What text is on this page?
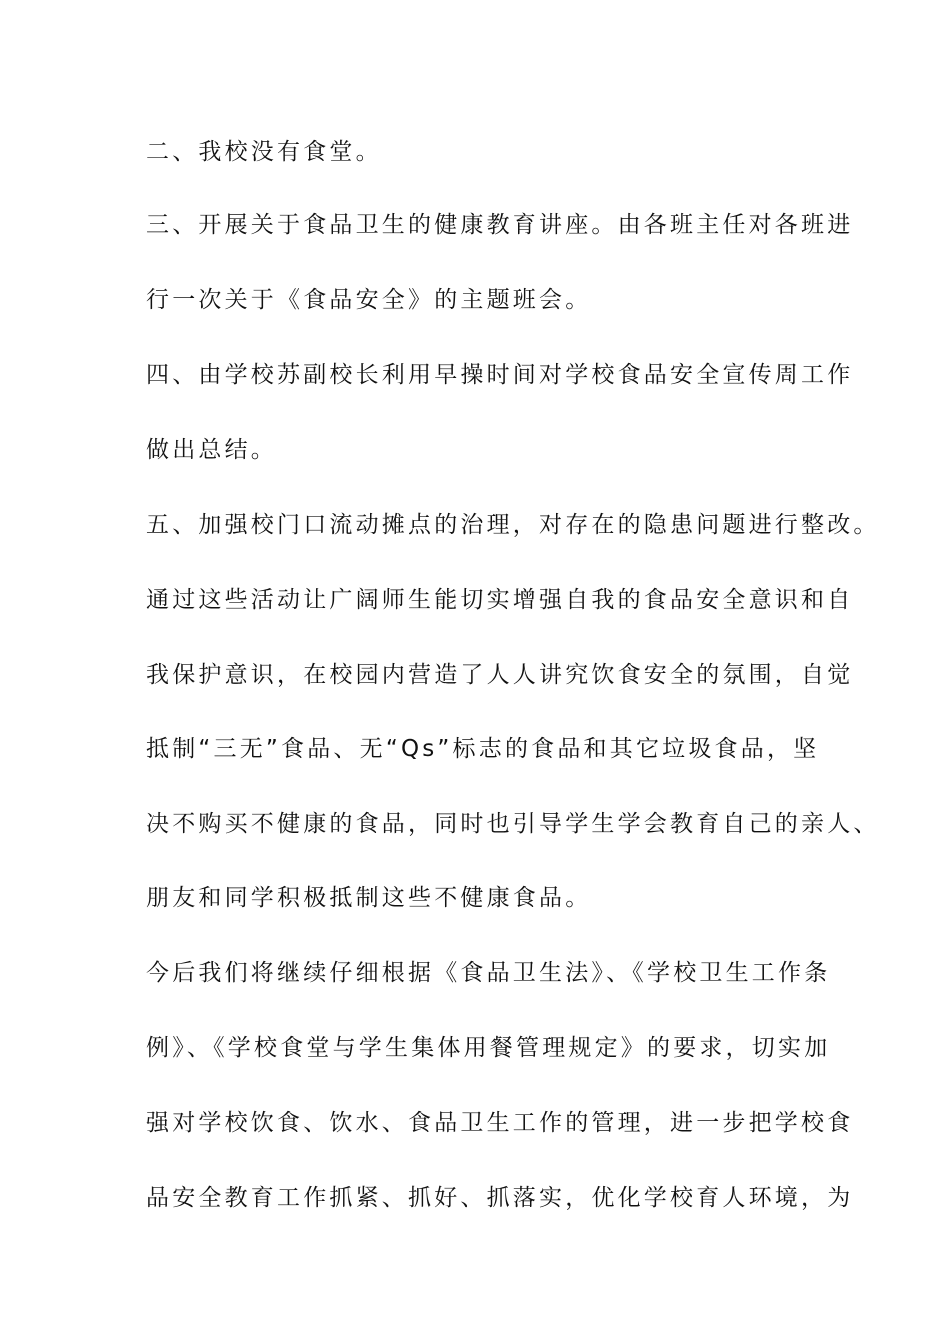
二、我校没有食堂。
三、开展关于食品卫生的健康教育讲座。由各班主任对各班进
行一次关于《食品安全》的主题班会。
四、由学校苏副校长利用早操时间对学校食品安全宣传周工作
做出总结。
五、加强校门口流动摊点的治理，对存在的隐患问题进行整改。
通过这些活动让广阔师生能切实增强自我的食品安全意识和自
我保护意识，在校园内营造了人人讲究饮食安全的氛围，自觉
抵制“三无”食品、无“Qs”标志的食品和其它垃圾食品，坚
决不购买不健康的食品，同时也引导学生学会教育自己的亲人、
朋友和同学积极抵制这些不健康食品。
今后我们将继续仔细根据《食品卫生法》、《学校卫生工作条
例》、《学校食堂与学生集体用餐管理规定》的要求，切实加
强对学校饮食、饮水、食品卫生工作的管理，进一步把学校食
品安全教育工作抓紧、抓好、抓落实，优化学校育人环境，为
